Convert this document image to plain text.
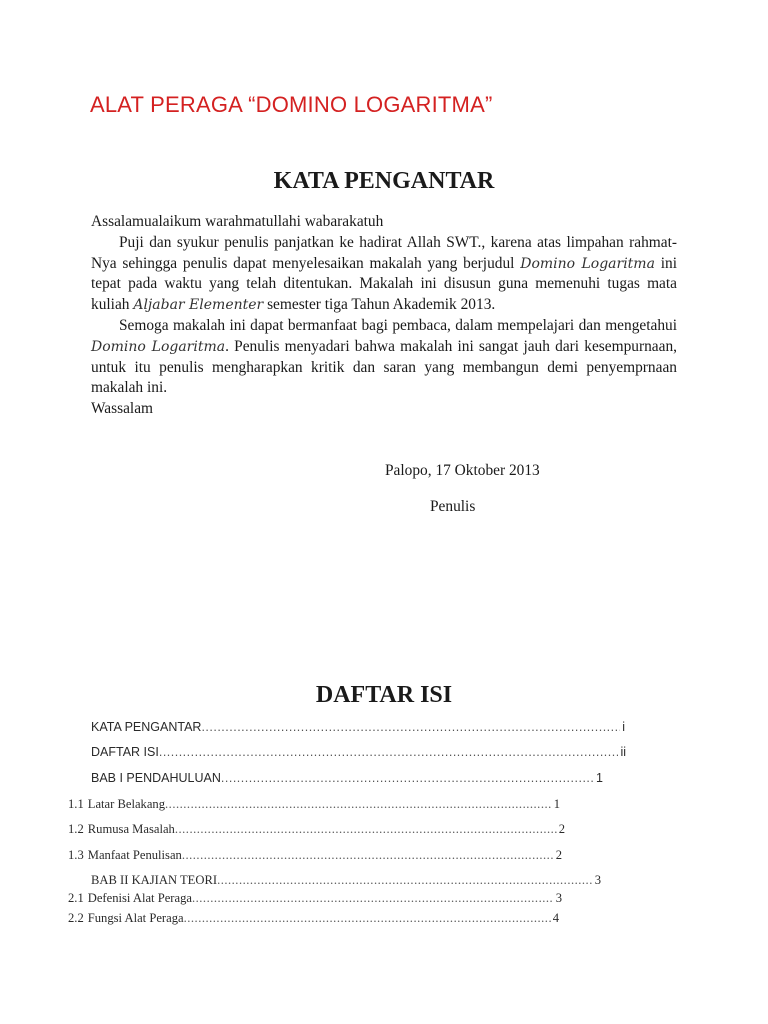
ALAT PERAGA “DOMINO LOGARITMA”
KATA PENGANTAR

Assalamualaikum warahmatullahi wabarakatuh

Puji dan syukur penulis panjatkan ke hadirat Allah SWT., karena atas limpahan rahmat-Nya sehingga penulis dapat menyelesaikan makalah yang berjudul Domino Logaritma ini tepat pada waktu yang telah ditentukan. Makalah ini disusun guna memenuhi tugas mata kuliah Aljabar Elementer semester tiga Tahun Akademik 2013.

Semoga makalah ini dapat bermanfaat bagi pembaca, dalam mempelajari dan mengetahui Domino Logaritma. Penulis menyadari bahwa makalah ini sangat jauh dari kesempurnaan, untuk itu penulis mengharapkan kritik dan saran yang membangun demi penyemprnaan makalah ini.

Wassalam

Palopo, 17 Oktober 2013
Penulis
DAFTAR ISI
KATA PENGANTAR .....	i
DAFTAR ISI .....	ii
BAB I PENDAHULUAN .....	1
1.1 Latar Belakang .....	1
1.2 Rumusa Masalah .....	2
1.3 Manfaat Penulisan .....	2
BAB II KAJIAN TEORI .....	3
2.1 Defenisi Alat Peraga .....	3
2.2 Fungsi Alat Peraga .....	4
